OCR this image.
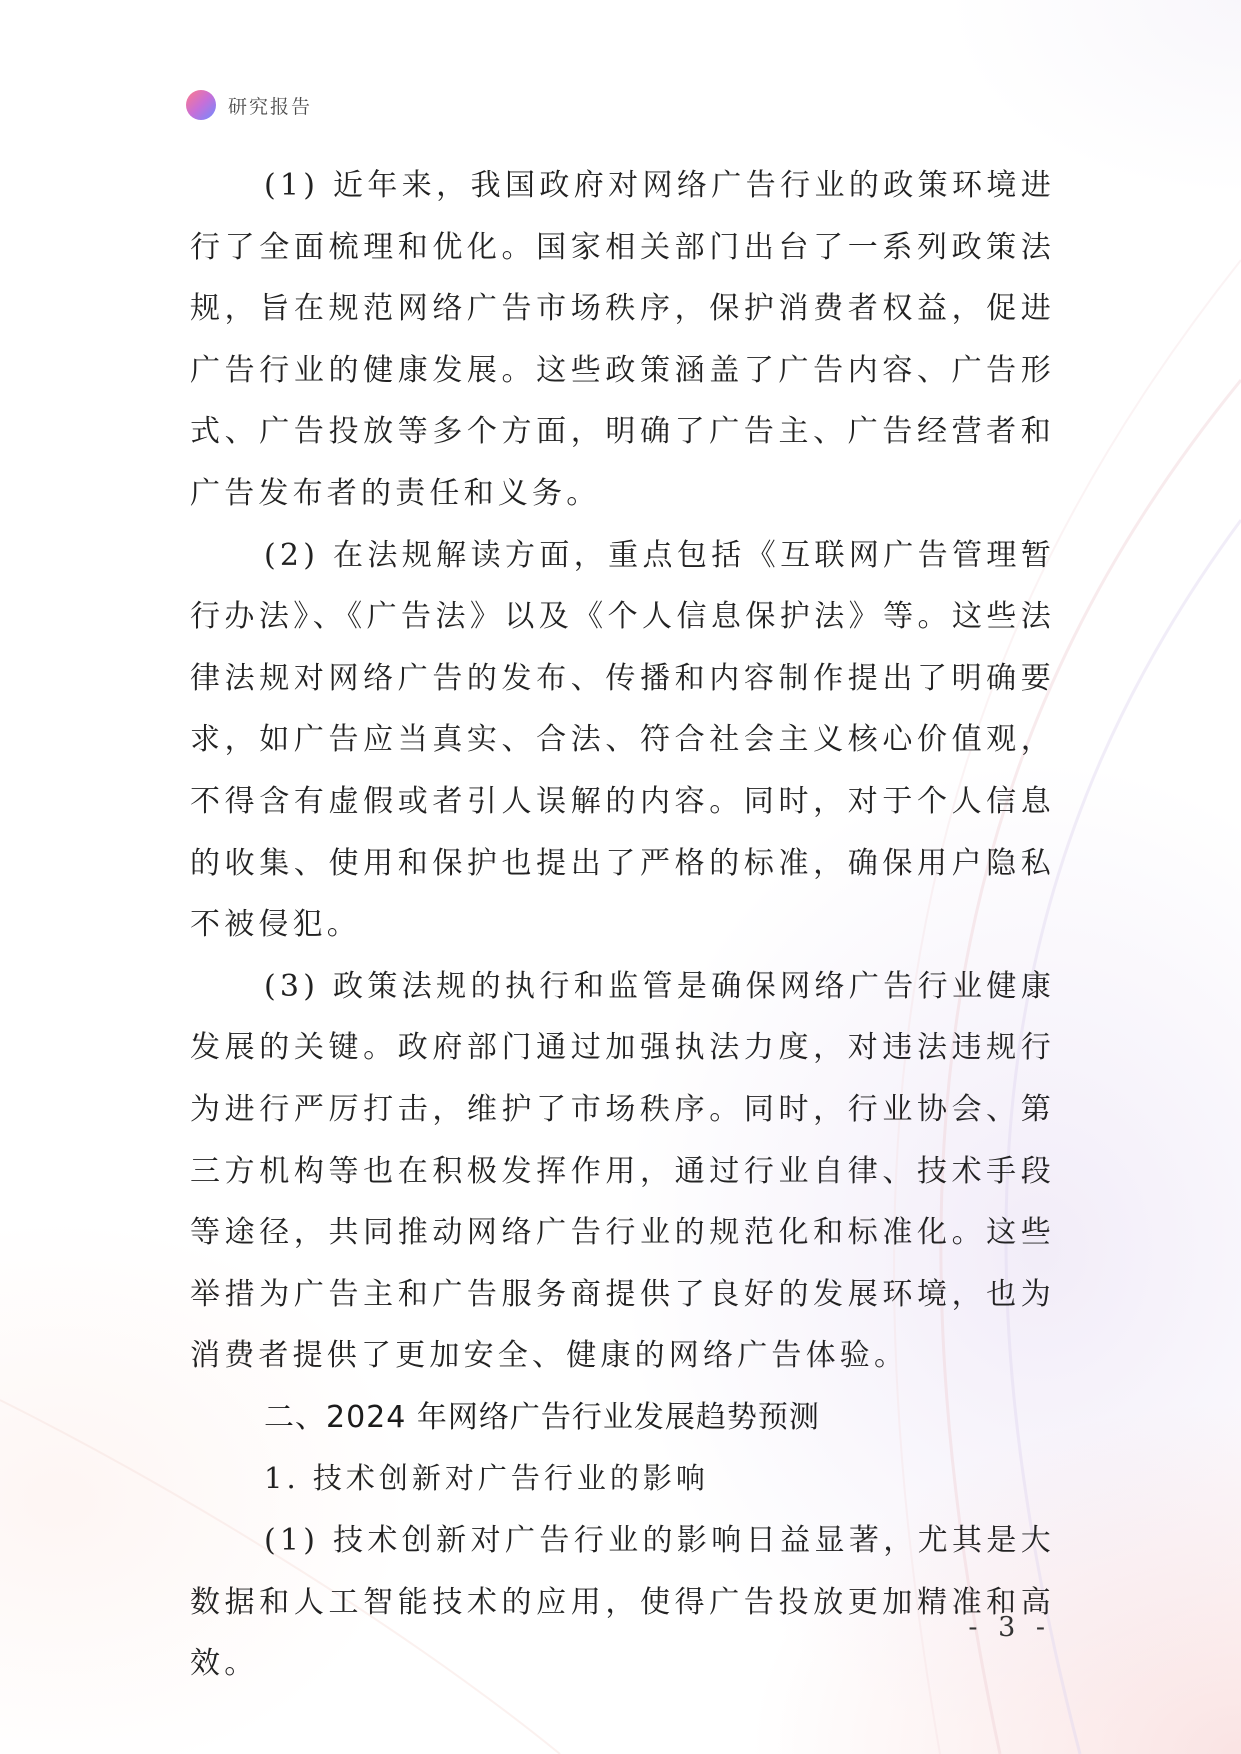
研究报告

(1) 近年来，我国政府对网络广告行业的政策环境进行了全面梳理和优化。国家相关部门出台了一系列政策法规，旨在规范网络广告市场秩序，保护消费者权益，促进广告行业的健康发展。这些政策涵盖了广告内容、广告形式、广告投放等多个方面，明确了广告主、广告经营者和广告发布者的责任和义务。

(2) 在法规解读方面，重点包括《互联网广告管理暂行办法》、《广告法》以及《个人信息保护法》等。这些法律法规对网络广告的发布、传播和内容制作提出了明确要求，如广告应当真实、合法、符合社会主义核心价值观，不得含有虚假或者引人误解的内容。同时，对于个人信息的收集、使用和保护也提出了严格的标准，确保用户隐私不被侵犯。

(3) 政策法规的执行和监管是确保网络广告行业健康发展的关键。政府部门通过加强执法力度，对违法违规行为进行严厉打击，维护了市场秩序。同时，行业协会、第三方机构等也在积极发挥作用，通过行业自律、技术手段等途径，共同推动网络广告行业的规范化和标准化。这些举措为广告主和广告服务商提供了良好的发展环境，也为消费者提供了更加安全、健康的网络广告体验。

二、2024 年网络广告行业发展趋势预测

1. 技术创新对广告行业的影响

(1) 技术创新对广告行业的影响日益显著，尤其是大数据和人工智能技术的应用，使得广告投放更加精准和高效。

- 3 -
